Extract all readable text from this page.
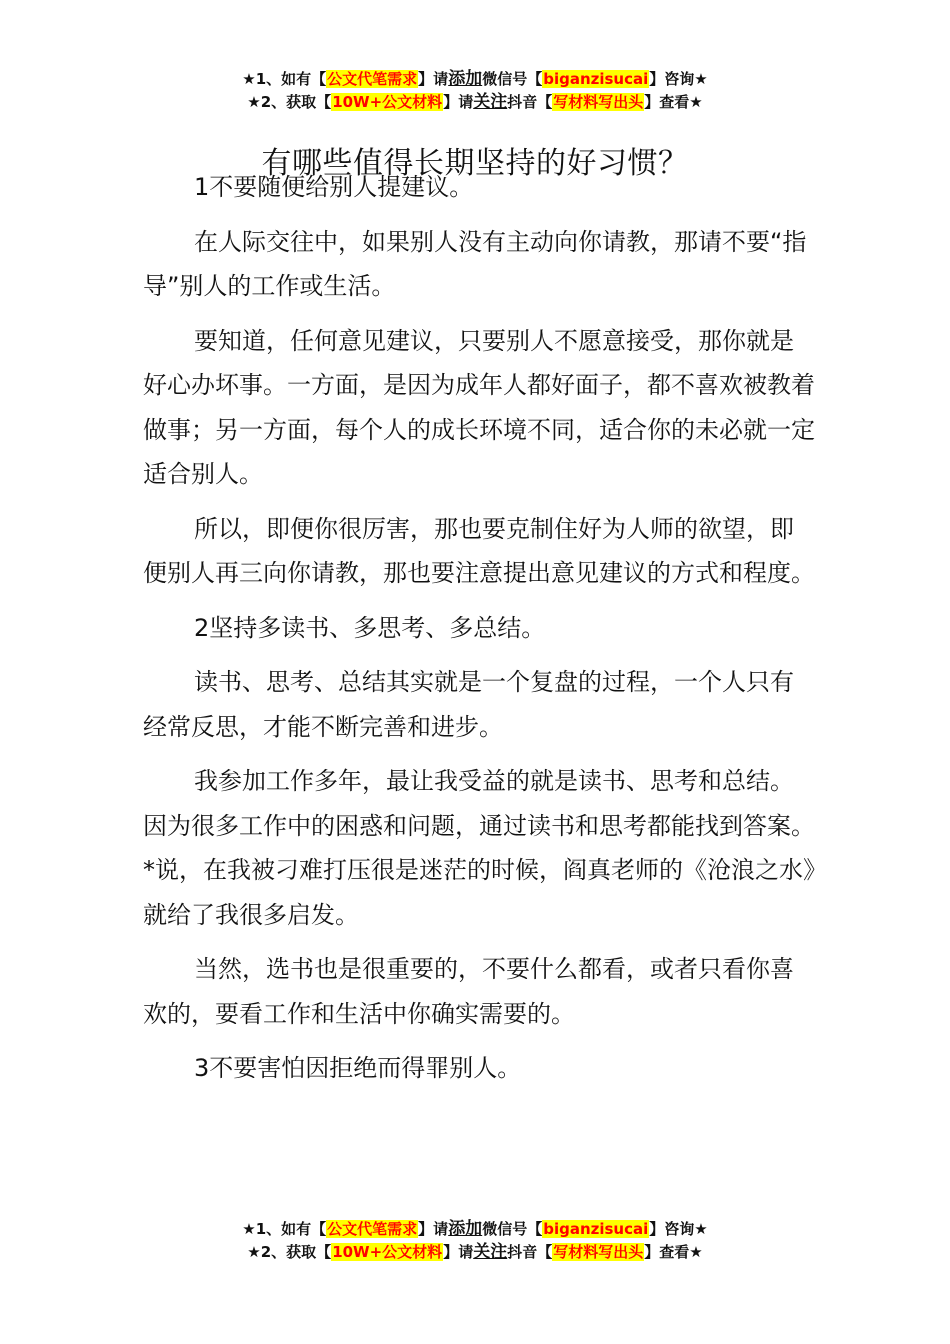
★1、如有【公文代笔需求】请添加微信号【biganzisucai】咨询★
★2、获取【10W+公文材料】请关注抖音【写材料写出头】查看★
有哪些值得长期坚持的好习惯？

1不要随便给别人提建议。

在人际交往中，如果别人没有主动向你请教，那请不要“指导”别人的工作或生活。

要知道，任何意见建议，只要别人不愿意接受，那你就是好心办坏事。一方面，是因为成年人都好面子，都不喜欢被教着做事；另一方面，每个人的成长环境不同，适合你的未必就一定适合别人。

所以，即便你很厉害，那也要克制住好为人师的欲望，即便别人再三向你请教，那也要注意提出意见建议的方式和程度。

2坚持多读书、多思考、多总结。

读书、思考、总结其实就是一个复盘的过程，一个人只有经常反思，才能不断完善和进步。

我参加工作多年，最让我受益的就是读书、思考和总结。因为很多工作中的困惑和问题，通过读书和思考都能找到答案。*说，在我被刁难打压很是迷茫的时候，阎真老师的《沧浪之水》就给了我很多启发。

当然，选书也是很重要的，不要什么都看，或者只看你喜欢的，要看工作和生活中你确实需要的。

3不要害怕因拒绝而得罪别人。

★1、如有【公文代笔需求】请添加微信号【biganzisucai】咨询★
★2、获取【10W+公文材料】请关注抖音【写材料写出头】查看★
